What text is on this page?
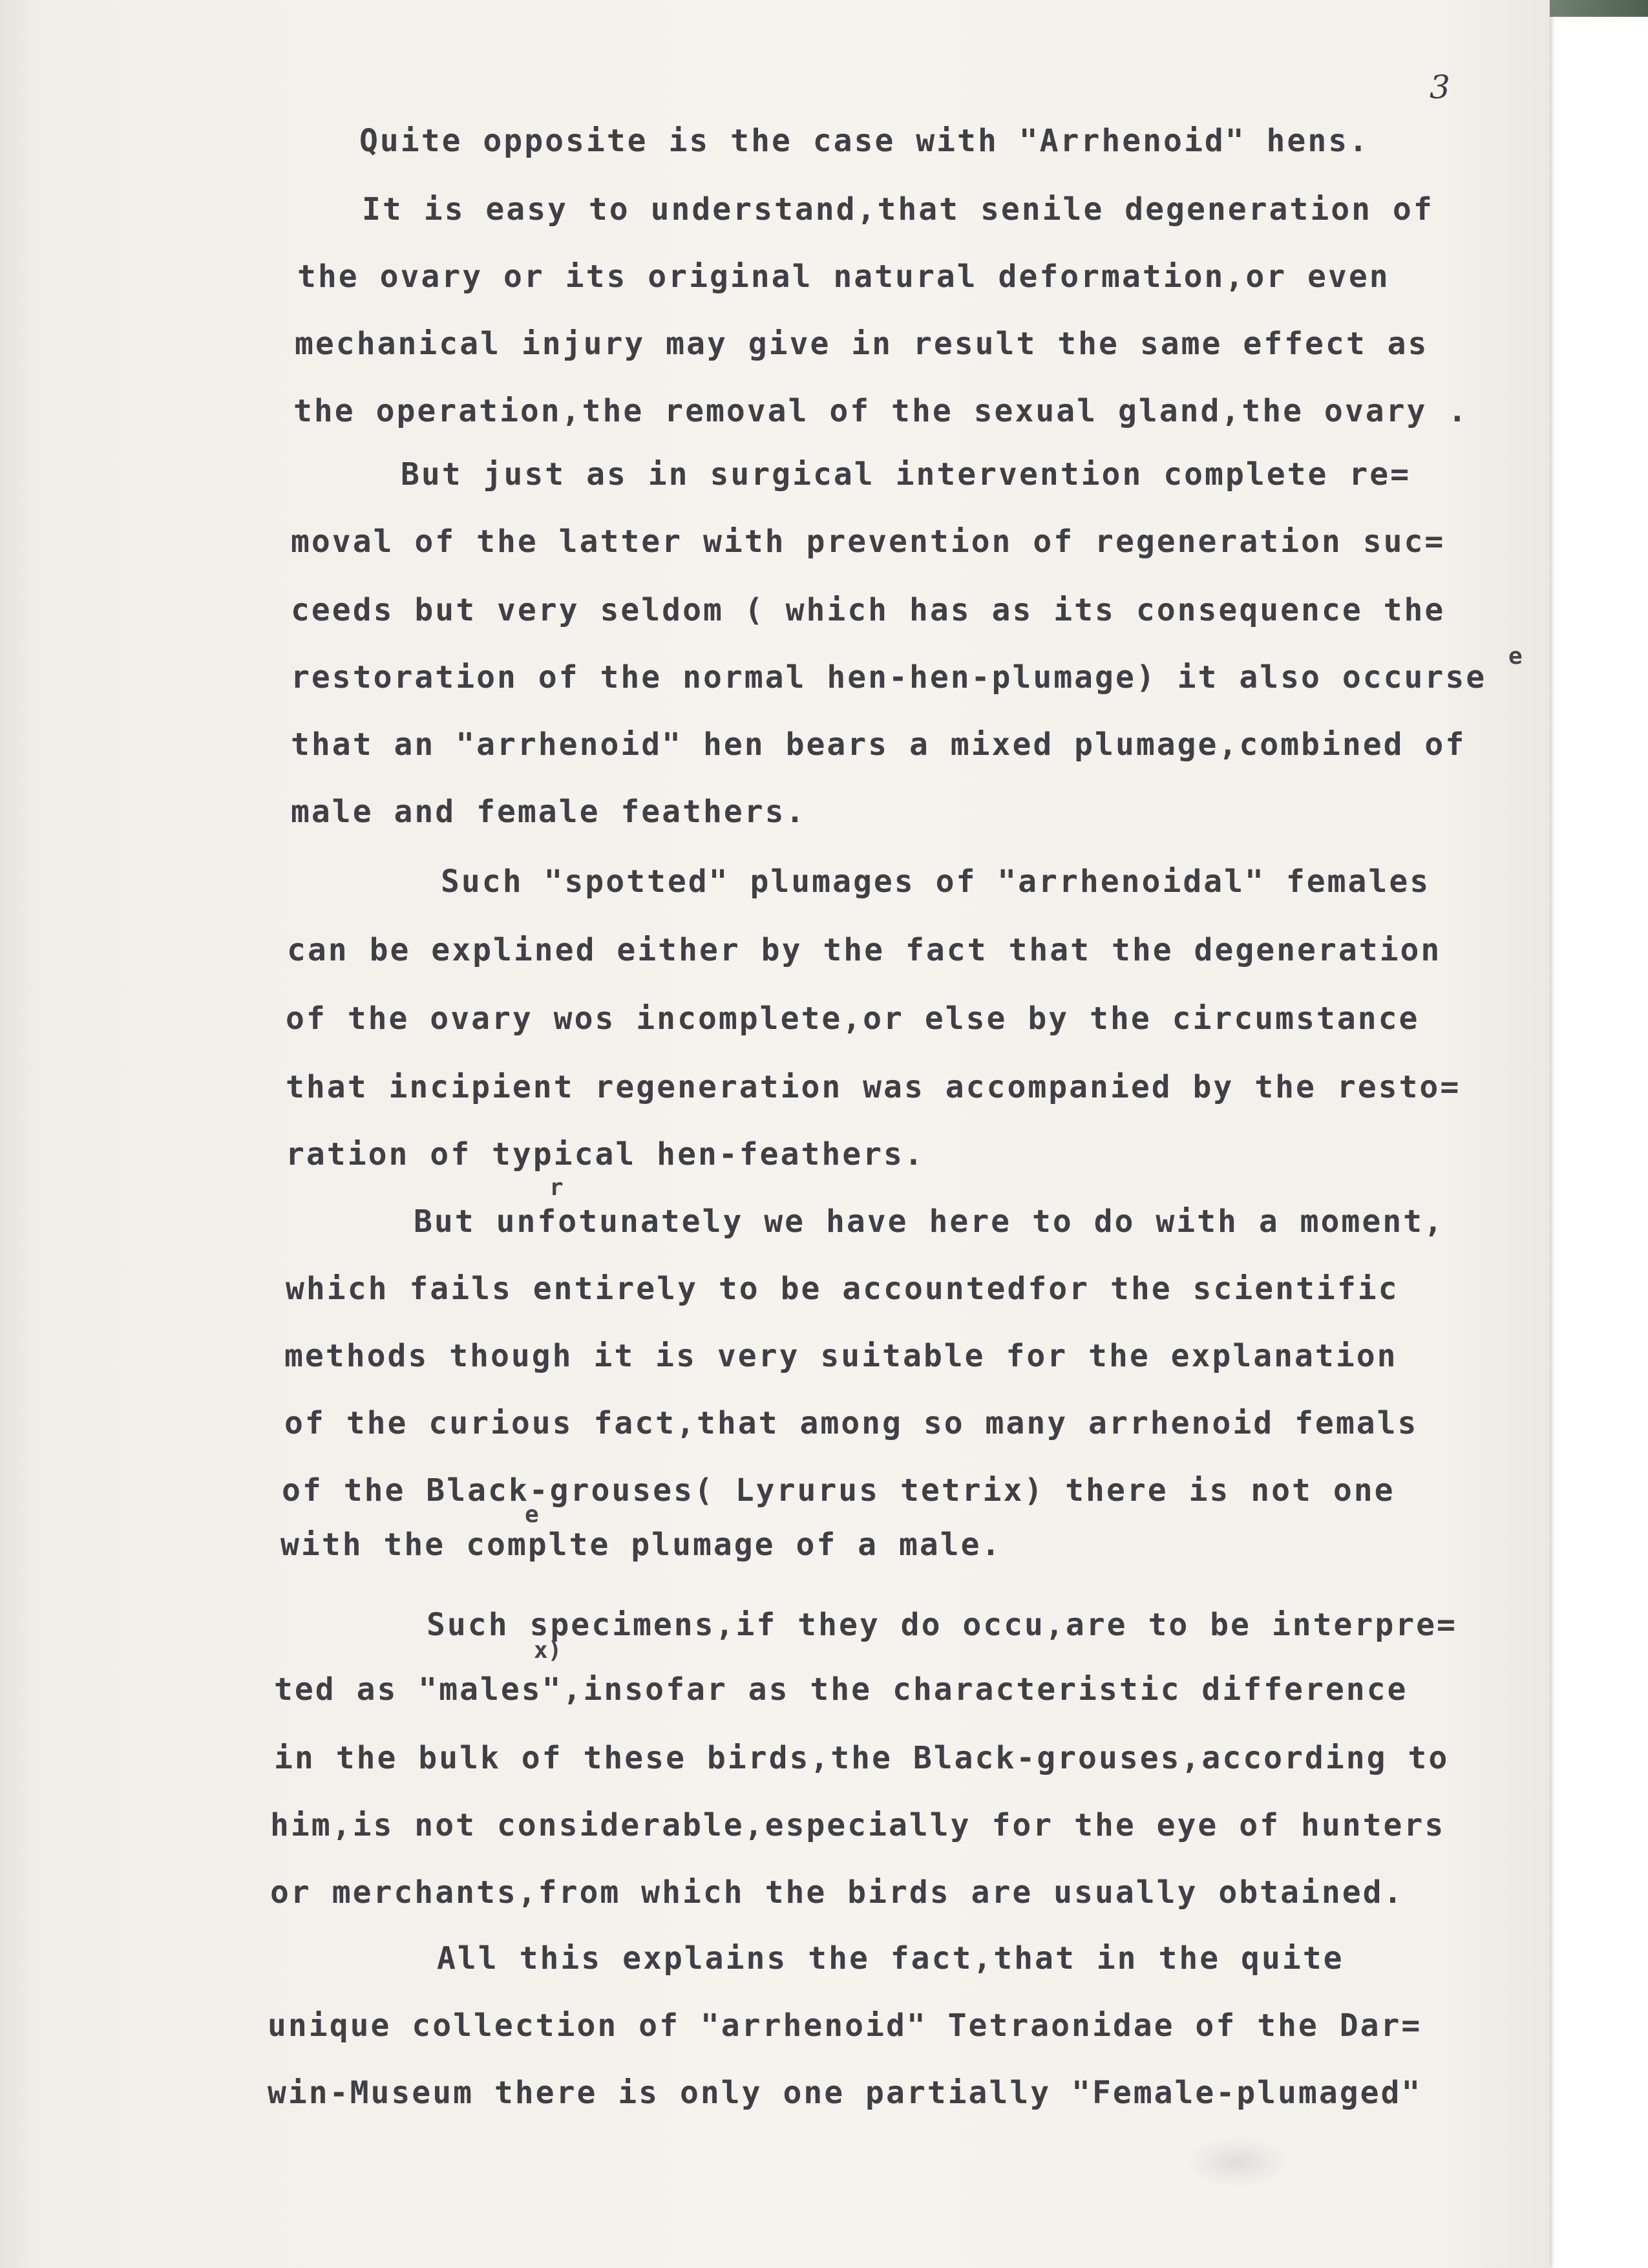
3
Quite opposite is the case with "Arrhenoid" hens.
It is easy to understand,that senile degeneration of
the ovary or its original natural deformation,or even
mechanical injury may give in result the same effect as
the operation,the removal of the sexual gland,the ovary .
But just as in surgical intervention complete re=
moval of the latter with prevention of regeneration suc=
ceeds but very seldom ( which has as its consequence the
e
restoration of the normal hen-hen-plumage) it also occurse
that an "arrhenoid" hen bears a mixed plumage,combined of
male and female feathers.
Such "spotted" plumages of "arrhenoidal" females
can be explined either by the fact that the degeneration
of the ovary wos incomplete,or else by the circumstance
that incipient regeneration was accompanied by the resto=
ration of typical hen-feathers.
r
But unfotunately we have here to do with a moment,
which fails entirely to be accountedfor the scientific
methods though it is very suitable for the explanation
of the curious fact,that among so many arrhenoid femals
of the Black-grouses( Lyrurus tetrix) there is not one
e
with the complte plumage of a male.
Such specimens,if they do occu,are to be interpre=
x)
ted as "males",insofar as the characteristic difference
in the bulk of these birds,the Black-grouses,according to
him,is not considerable,especially for the eye of hunters
or merchants,from which the birds are usually obtained.
All this explains the fact,that in the quite
unique collection of "arrhenoid" Tetraonidae of the Dar=
win-Museum there is only one partially "Female-plumaged"
